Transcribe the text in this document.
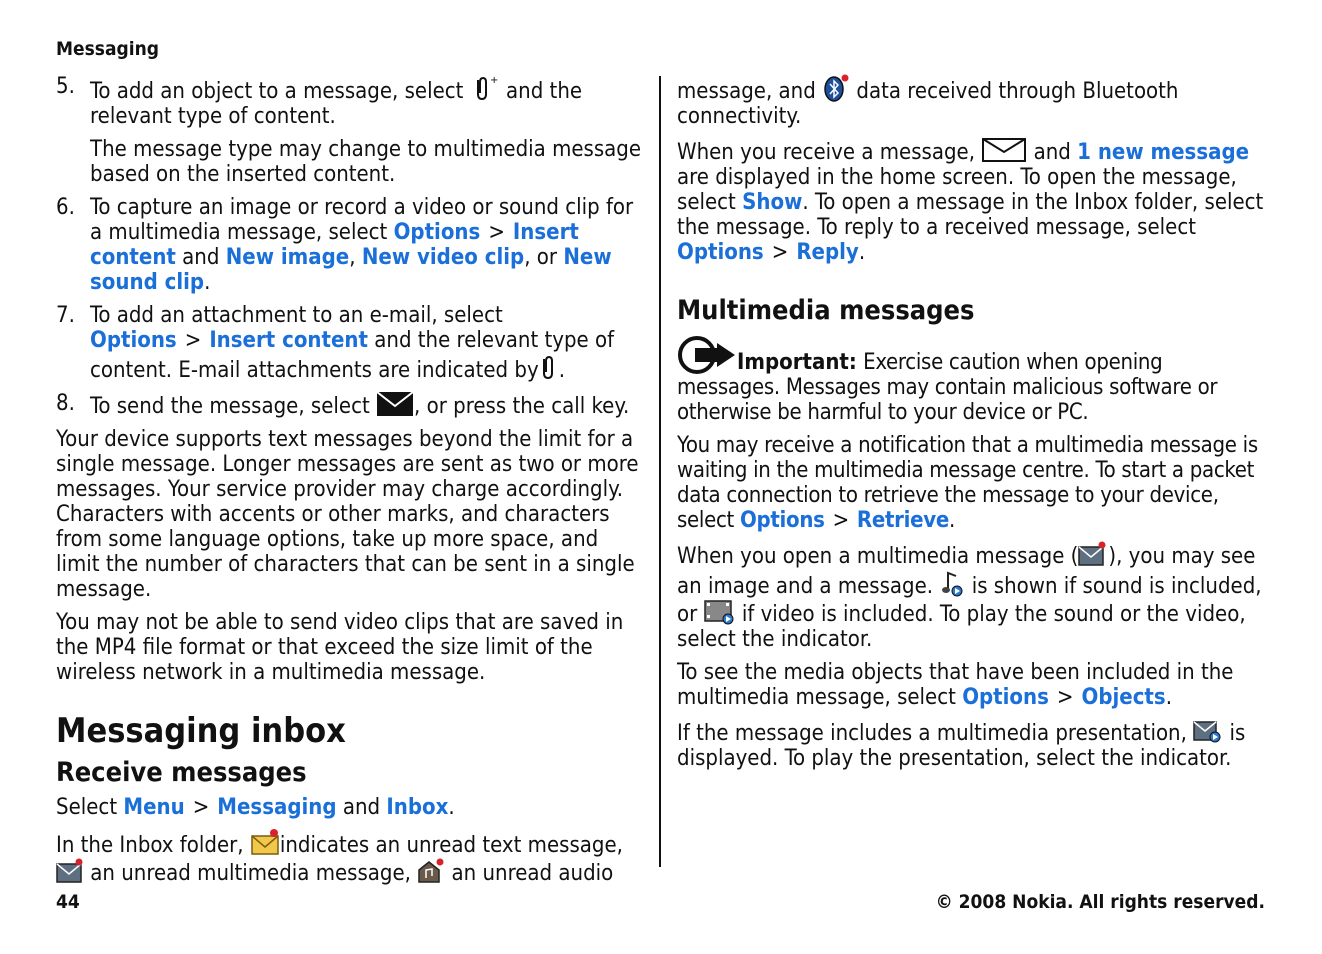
Messaging
5. To add an object to a message, select	+ and the relevant type of content.

The message type may change to multimedia message based on the inserted content.

6. To capture an image or record a video or sound clip for a multimedia message, select Options > Insert content and New image, New video clip, or New sound clip.
7. To add an attachment to an e-mail, select Options > Insert content and the relevant type of content. E-mail attachments are indicated by .
8. To send the message, select , or press the call key.

Your device supports text messages beyond the limit for a single message. Longer messages are sent as two or more messages. Your service provider may charge accordingly. Characters with accents or other marks, and characters from some language options, take up more space, and limit the number of characters that can be sent in a single message.

You may not be able to send video clips that are saved in the MP4 file format or that exceed the size limit of the wireless network in a multimedia message.

Messaging inbox
Receive messages

Select Menu > Messaging and Inbox.

In the Inbox folder, indicates an unread text message,  an unread multimedia message, an unread audio

message, and data received through Bluetooth connectivity.

When you receive a message,	and 1 new message are displayed in the home screen. To open the message, select Show. To open a message in the Inbox folder, select the message. To reply to a received message, select Options > Reply.

Multimedia messages

Important: Exercise caution when opening messages. Messages may contain malicious software or otherwise be harmful to your device or PC.

You may receive a notification that a multimedia message is waiting in the multimedia message centre. To start a packet data connection to retrieve the message to your device, select Options > Retrieve.

When you open a multimedia message ( ), you may see an image and a message. is shown if sound is included, or if video is included. To play the sound or the video, select the indicator.

To see the media objects that have been included in the multimedia message, select Options > Objects.

If the message includes a multimedia presentation, is displayed. To play the presentation, select the indicator.

44	© 2008 Nokia. All rights reserved.
